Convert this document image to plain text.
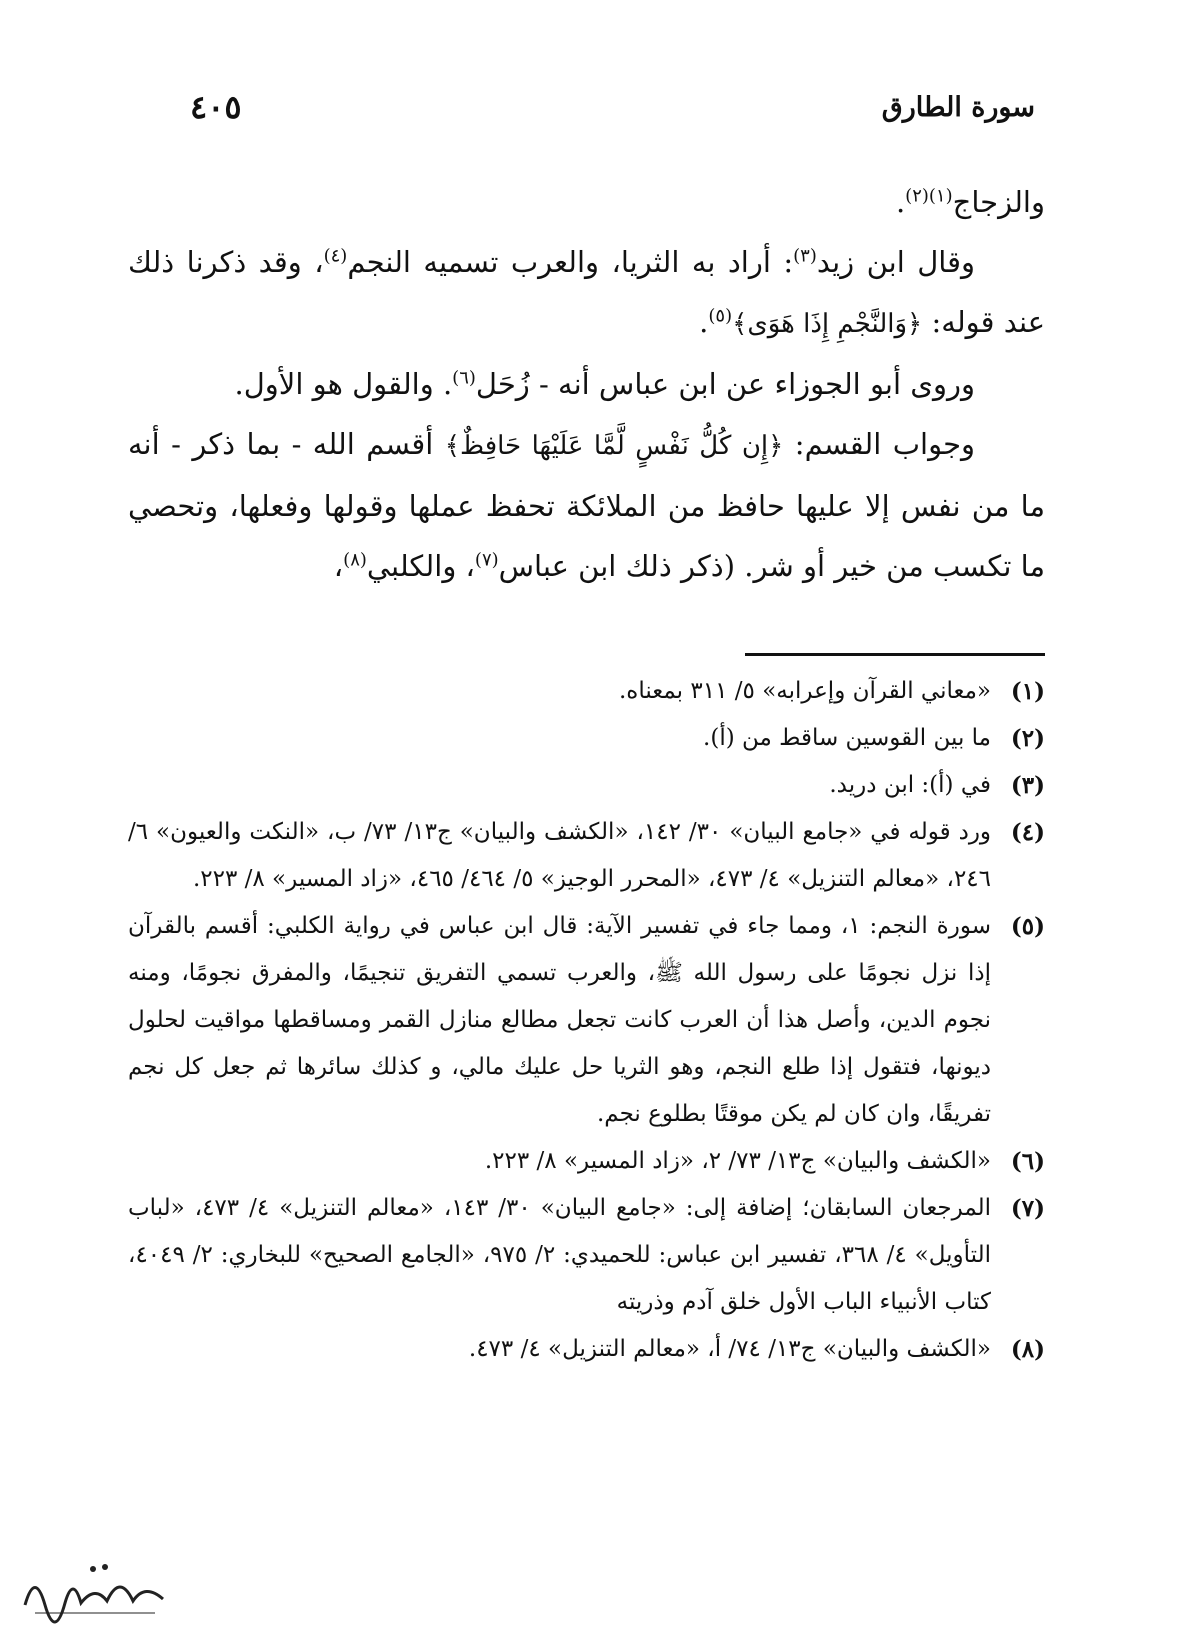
سورة الطارق
٤٠٥

والزجاج$^{(١)(٢)}$.

وقال ابن زيد$^{(٣)}$: أراد به الثريا، والعرب تسميه النجم$^{(٤)}$، وقد ذكرنا ذلك عند قوله: ﴿وَالنَّجْمِ إِذَا هَوَى﴾$^{(٥)}$.

وروى أبو الجوزاء عن ابن عباس أنه - زُحَل$^{(٦)}$. والقول هو الأول.

وجواب القسم: ﴿إِن كُلُّ نَفْسٍ لَّمَّا عَلَيْهَا حَافِظٌ﴾ أقسم الله - بما ذكر - أنه ما من نفس إلا عليها حافظ من الملائكة تحفظ عملها وقولها وفعلها، وتحصي ما تكسب من خير أو شر. (ذكر ذلك ابن عباس$^{(٧)}$، والكلبي$^{(٨)}$،

(١)
«معاني القرآن وإعرابه» ٥/ ٣١١ بمعناه.
(٢)
ما بين القوسين ساقط من (أ).
(٣)
في (أ): ابن دريد.
(٤)
ورد قوله في «جامع البيان» ٣٠/ ١٤٢، «الكشف والبيان» ج١٣/ ٧٣/ ب، «النكت والعيون» ٦/ ٢٤٦، «معالم التنزيل» ٤/ ٤٧٣، «المحرر الوجيز» ٥/ ٤٦٤/ ٤٦٥، «زاد المسير» ٨/ ٢٢٣.
(٥)
سورة النجم: ١، ومما جاء في تفسير الآية: قال ابن عباس في رواية الكلبي: أقسم بالقرآن إذا نزل نجومًا على رسول الله ﷺ، والعرب تسمي التفريق تنجيمًا، والمفرق نجومًا، ومنه نجوم الدين، وأصل هذا أن العرب كانت تجعل مطالع منازل القمر ومساقطها مواقيت لحلول ديونها، فتقول إذا طلع النجم، وهو الثريا حل عليك مالي، و كذلك سائرها ثم جعل كل نجم تفريقًا، وان كان لم يكن موقتًا بطلوع نجم.
(٦)
«الكشف والبيان» ج١٣/ ٧٣/ ٢، «زاد المسير» ٨/ ٢٢٣.
(٧)
المرجعان السابقان؛ إضافة إلى: «جامع البيان» ٣٠/ ١٤٣، «معالم التنزيل» ٤/ ٤٧٣، «لباب التأويل» ٤/ ٣٦٨، تفسير ابن عباس: للحميدي: ٢/ ٩٧٥، «الجامع الصحيح» للبخاري: ٢/ ٤٠٤٩، كتاب الأنبياء الباب الأول خلق آدم وذريته
(٨)
«الكشف والبيان» ج١٣/ ٧٤/ أ، «معالم التنزيل» ٤/ ٤٧٣.
